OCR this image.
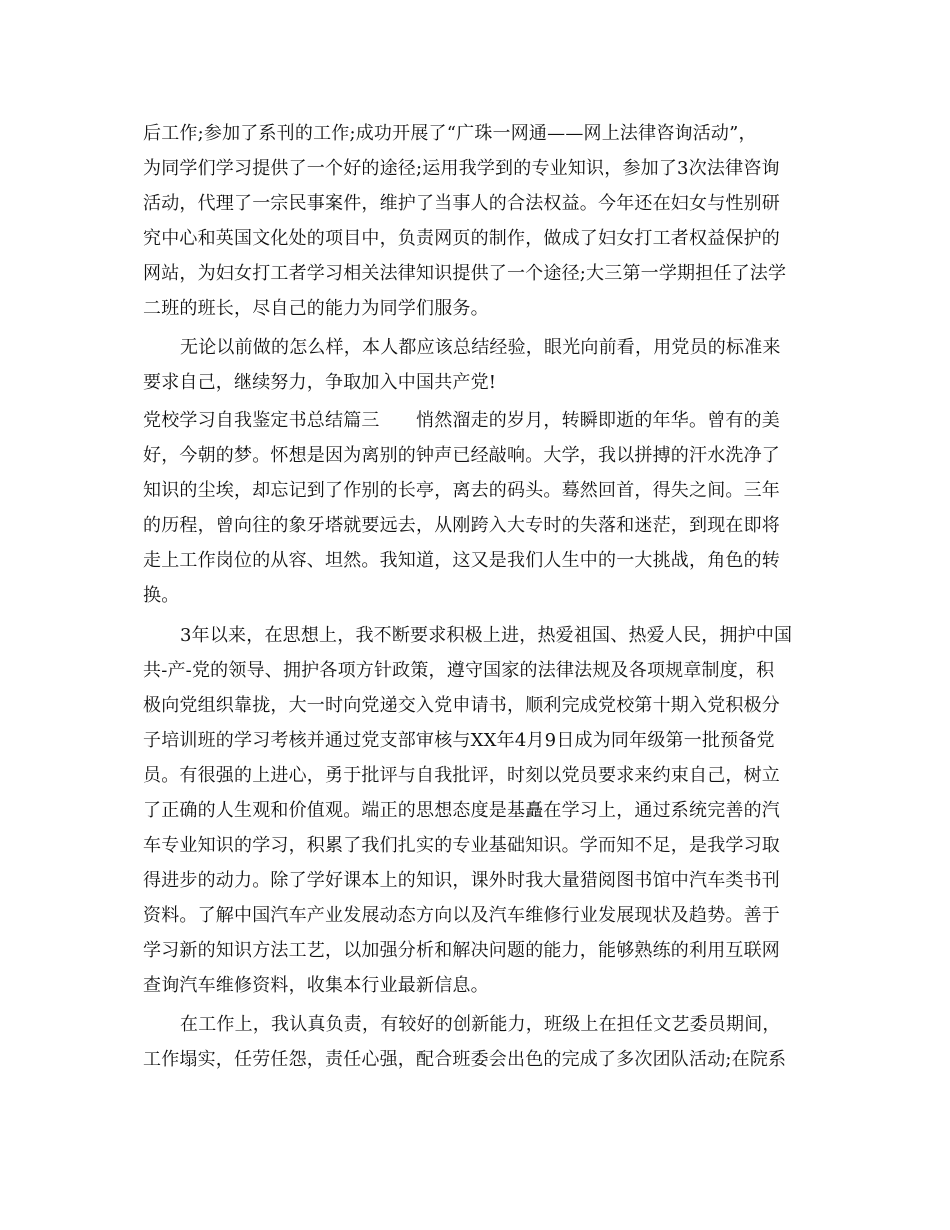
后工作;参加了系刊的工作;成功开展了“广珠一网通——网上法律咨询活动”，
为同学们学习提供了一个好的途径;运用我学到的专业知识，参加了3次法律咨询
活动，代理了一宗民事案件，维护了当事人的合法权益。今年还在妇女与性别研
究中心和英国文化处的项目中，负责网页的制作，做成了妇女打工者权益保护的
网站，为妇女打工者学习相关法律知识提供了一个途径;大三第一学期担任了法学
二班的班长，尽自己的能力为同学们服务。
无论以前做的怎么样，本人都应该总结经验，眼光向前看，用党员的标准来
要求自己，继续努力，争取加入中国共产党!
党校学习自我鉴定书总结篇三　　悄然溜走的岁月，转瞬即逝的年华。曾有的美
好，今朝的梦。怀想是因为离别的钟声已经敲响。大学，我以拼搏的汗水洗净了
知识的尘埃，却忘记到了作别的长亭，离去的码头。蓦然回首，得失之间。三年
的历程，曾向往的象牙塔就要远去，从刚跨入大专时的失落和迷茫，到现在即将
走上工作岗位的从容、坦然。我知道，这又是我们人生中的一大挑战，角色的转
换。
3年以来，在思想上，我不断要求积极上进，热爱祖国、热爱人民，拥护中国
共-产-党的领导、拥护各项方针政策，遵守国家的法律法规及各项规章制度，积
极向党组织靠拢，大一时向党递交入党申请书，顺利完成党校第十期入党积极分
子培训班的学习考核并通过党支部审核与XX年4月9日成为同年级第一批预备党
员。有很强的上进心，勇于批评与自我批评，时刻以党员要求来约束自己，树立
了正确的人生观和价值观。端正的思想态度是基矗在学习上，通过系统完善的汽
车专业知识的学习，积累了我们扎实的专业基础知识。学而知不足，是我学习取
得进步的动力。除了学好课本上的知识，课外时我大量猎阅图书馆中汽车类书刊
资料。了解中国汽车产业发展动态方向以及汽车维修行业发展现状及趋势。善于
学习新的知识方法工艺，以加强分析和解决问题的能力，能够熟练的利用互联网
查询汽车维修资料，收集本行业最新信息。
在工作上，我认真负责，有较好的创新能力，班级上在担任文艺委员期间，
工作塌实，任劳任怨，责任心强，配合班委会出色的完成了多次团队活动;在院系
